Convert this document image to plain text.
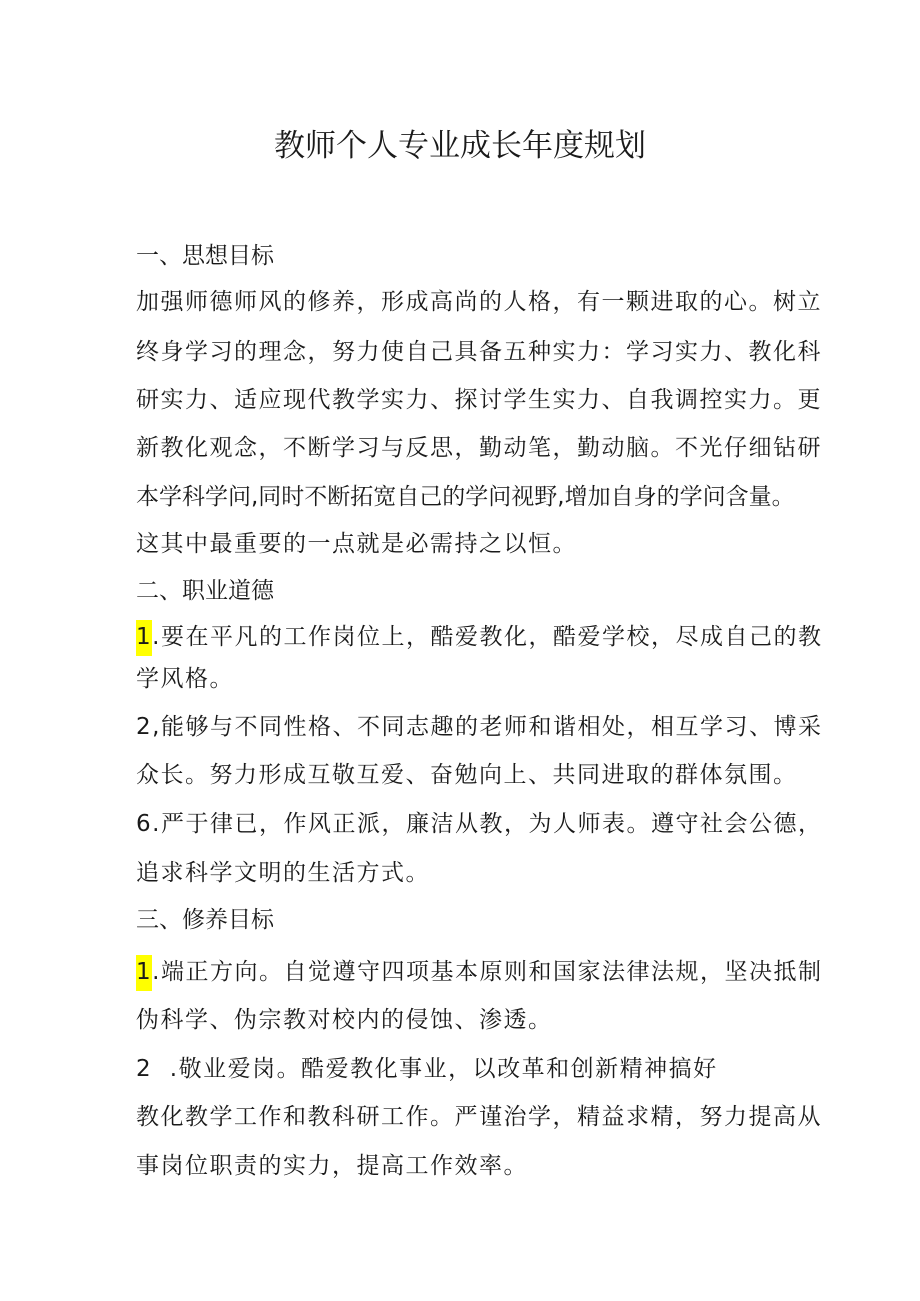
教师个人专业成长年度规划
一、思想目标

加强师德师风的修养，形成高尚的人格，有一颗进取的心。树立

终身学习的理念，努力使自己具备五种实力：学习实力、教化科

研实力、适应现代教学实力、探讨学生实力、自我调控实力。更

新教化观念，不断学习与反思，勤动笔，勤动脑。不光仔细钻研

本学科学问,同时不断拓宽自己的学问视野,增加自身的学问含量。

这其中最重要的一点就是必需持之以恒。

二、职业道德

1.要在平凡的工作岗位上，酷爱教化，酷爱学校，尽成自己的教

学风格。

2,能够与不同性格、不同志趣的老师和谐相处，相互学习、博采

众长。努力形成互敬互爱、奋勉向上、共同进取的群体氛围。

6.严于律已，作风正派，廉洁从教，为人师表。遵守社会公德，

追求科学文明的生活方式。

三、修养目标

1.端正方向。自觉遵守四项基本原则和国家法律法规，坚决抵制

伪科学、伪宗教对校内的侵蚀、渗透。

2  .敬业爱岗。酷爱教化事业，以改革和创新精神搞好

教化教学工作和教科研工作。严谨治学，精益求精，努力提高从

事岗位职责的实力，提高工作效率。
